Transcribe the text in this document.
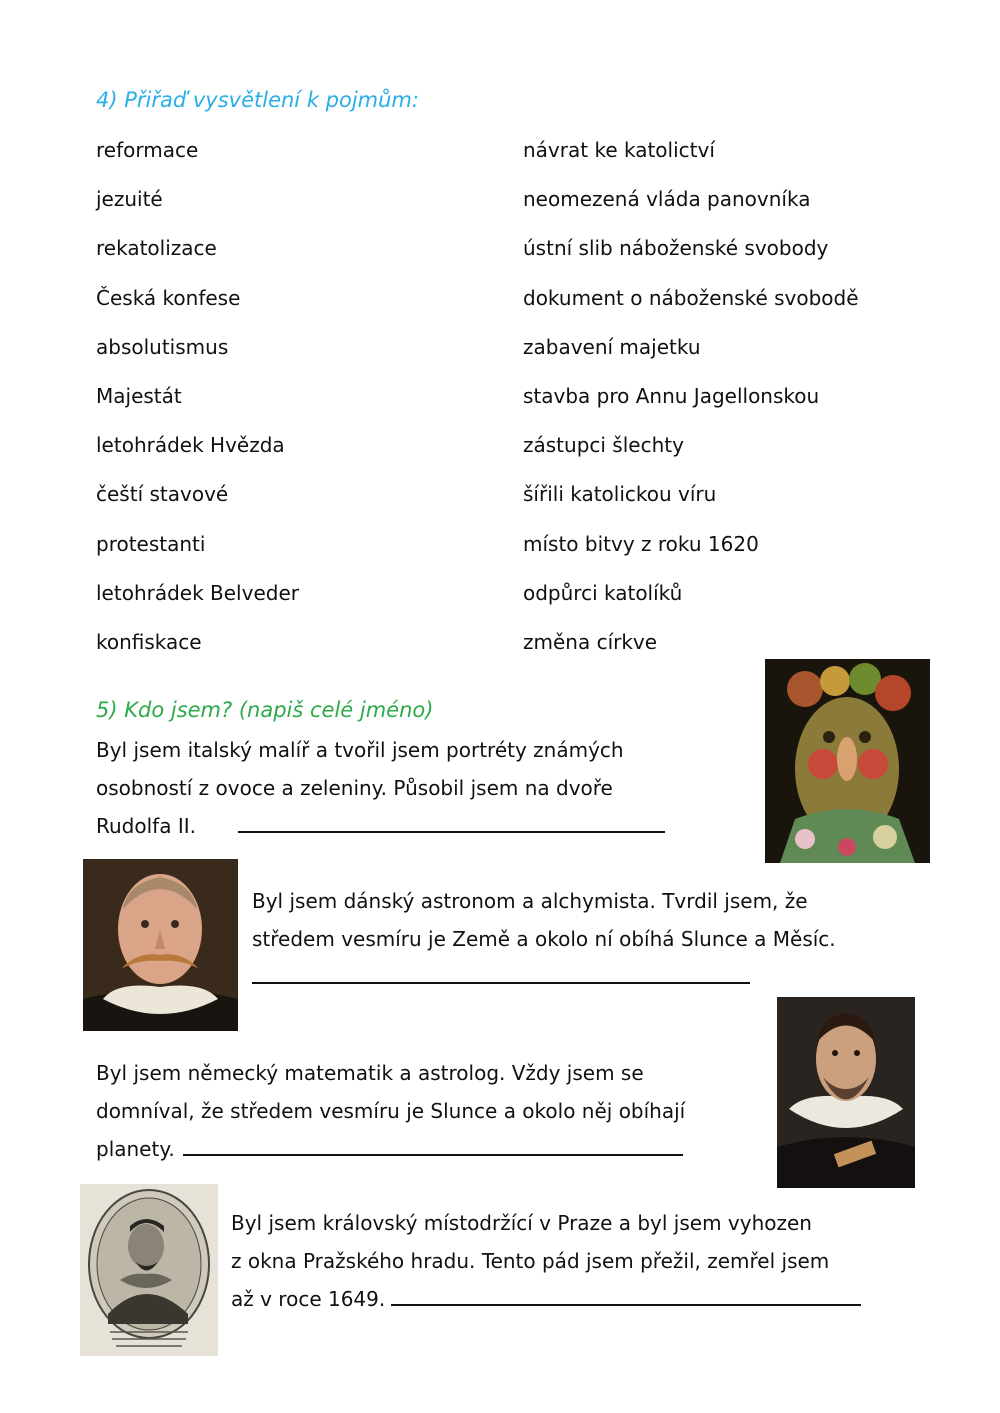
4) Přiřaď vysvětlení k pojmům:
reformace
jezuité
rekatolizace
Česká konfese
absolutismus
Majestát
letohrádek Hvězda
čeští stavové
protestanti
letohrádek Belveder
konfiskace
návrat ke katolictví
neomezená vláda panovníka
ústní slib náboženské svobody
dokument o náboženské svobodě
zabavení majetku
stavba pro Annu Jagellonskou
zástupci šlechty
šířili katolickou víru
místo bitvy z roku 1620
odpůrci katolíků
změna církve
5) Kdo jsem? (napiš celé jméno)
Byl jsem italský malíř a tvořil jsem portréty známých
osobností z ovoce a zeleniny. Působil jsem na dvoře
Rudolfa II.
Byl jsem dánský astronom a alchymista. Tvrdil jsem, že
středem vesmíru je Země a okolo ní obíhá Slunce a Měsíc.
Byl jsem německý matematik a astrolog. Vždy jsem se
domníval, že středem vesmíru je Slunce a okolo něj obíhají
planety.
Byl jsem královský místodržící v Praze a byl jsem vyhozen
z okna Pražského hradu. Tento pád jsem přežil, zemřel jsem
až v roce 1649.
